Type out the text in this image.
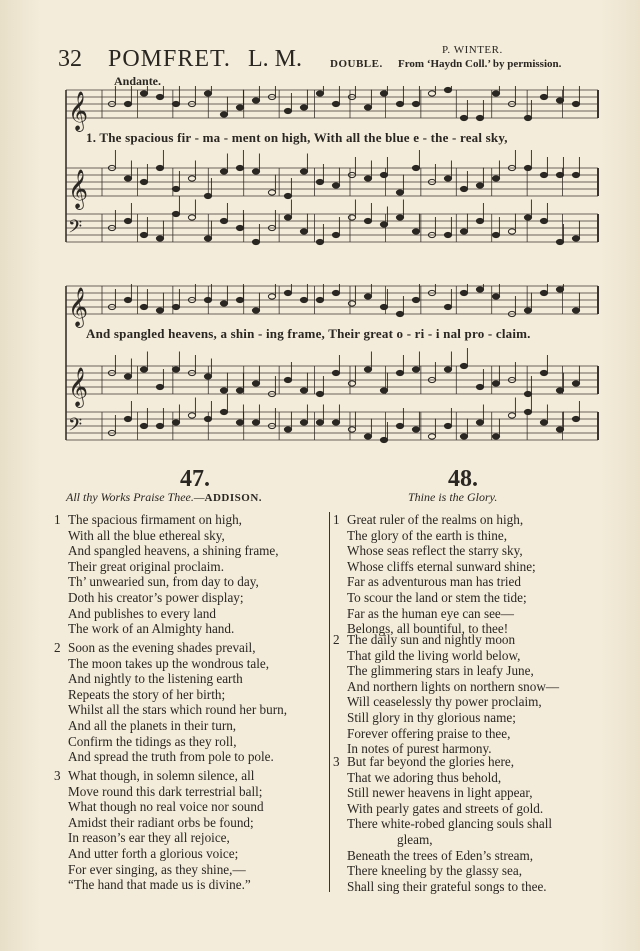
32 POMFRET. L. M.	DOUBLE.
P. WINTER.
From ‘Haydn Coll.’ by permission.
Andante.
𝄞
𝄞
𝄢
1. The spacious fir - ma - ment on high, With all the blue e - the - real sky,
𝄞
𝄞
𝄢
And spangled heavens, a shin - ing frame, Their great o - ri - i nal pro - claim.
47.
All thy Works Praise Thee.—ADDISON.
1 The spacious firmament on high,
With all the blue ethereal sky,
And spangled heavens, a shining frame,
Their great original proclaim.
Th’ unwearied sun, from day to day,
Doth his creator’s power display;
And publishes to every land
The work of an Almighty hand.
2 Soon as the evening shades prevail,
The moon takes up the wondrous tale,
And nightly to the listening earth
Repeats the story of her birth;
Whilst all the stars which round her burn,
And all the planets in their turn,
Confirm the tidings as they roll,
And spread the truth from pole to pole.
3 What though, in solemn silence, all
Move round this dark terrestrial ball;
What though no real voice nor sound
Amidst their radiant orbs be found;
In reason’s ear they all rejoice,
And utter forth a glorious voice;
For ever singing, as they shine,—
“The hand that made us is divine.”
48.
Thine is the Glory.
1 Great ruler of the realms on high,
The glory of the earth is thine,
Whose seas reflect the starry sky,
Whose cliffs eternal sunward shine;
Far as adventurous man has tried
To scour the land or stem the tide;
Far as the human eye can see—
Belongs, all bountiful, to thee!
2 The daily sun and nightly moon
That gild the living world below,
The glimmering stars in leafy June,
And northern lights on northern snow—
Will ceaselessly thy power proclaim,
Still glory in thy glorious name;
Forever offering praise to thee,
In notes of purest harmony.
3 But far beyond the glories here,
That we adoring thus behold,
Still newer heavens in light appear,
With pearly gates and streets of gold.
There white-robed glancing souls shall
gleam,
Beneath the trees of Eden’s stream,
There kneeling by the glassy sea,
Shall sing their grateful songs to thee.
